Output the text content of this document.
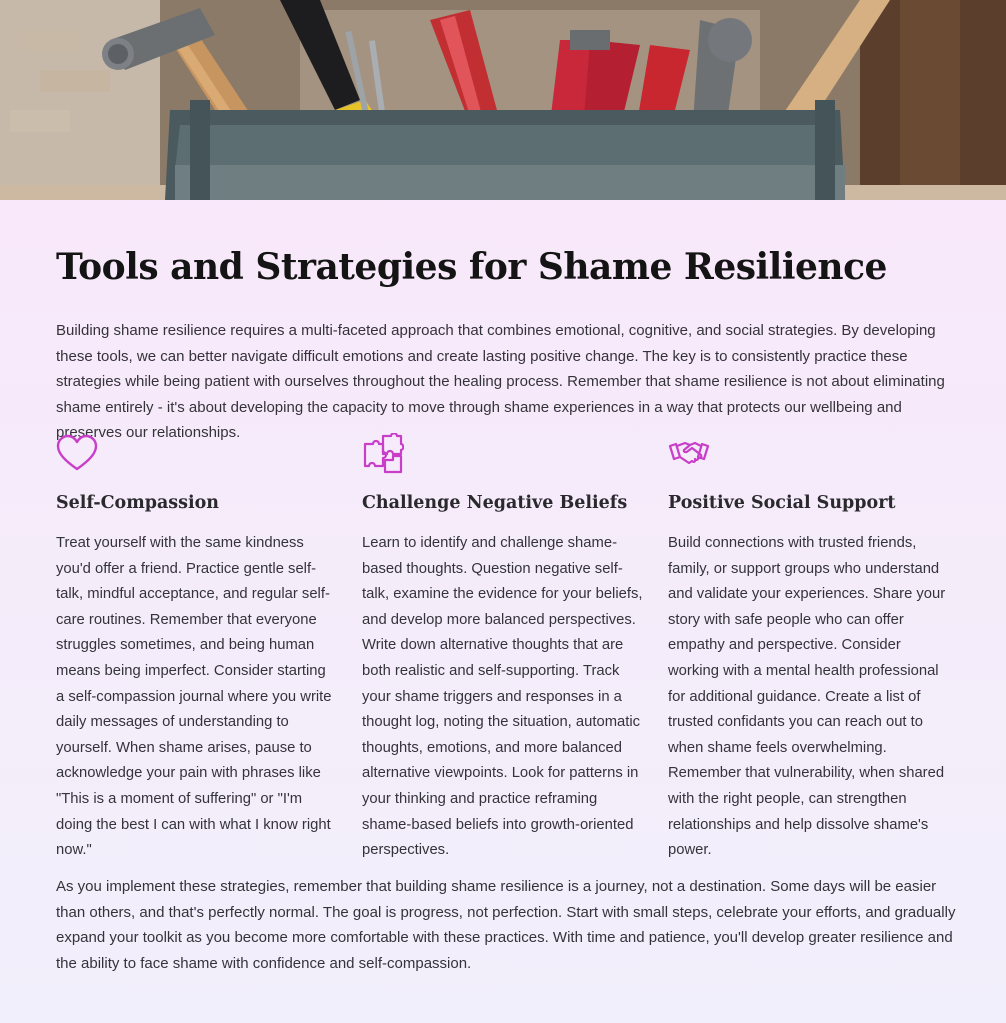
Tools and Strategies for Shame Resilience

Building shame resilience requires a multi-faceted approach that combines emotional, cognitive, and social strategies. By developing these tools, we can better navigate difficult emotions and create lasting positive change. The key is to consistently practice these strategies while being patient with ourselves throughout the healing process. Remember that shame resilience is not about eliminating shame entirely - it's about developing the capacity to move through shame experiences in a way that protects our wellbeing and preserves our relationships.

Self-Compassion

Treat yourself with the same kindness you'd offer a friend. Practice gentle self-talk, mindful acceptance, and regular self-care routines. Remember that everyone struggles sometimes, and being human means being imperfect. Consider starting a self-compassion journal where you write daily messages of understanding to yourself. When shame arises, pause to acknowledge your pain with phrases like "This is a moment of suffering" or "I'm doing the best I can with what I know right now."

Challenge Negative Beliefs

Learn to identify and challenge shame-based thoughts. Question negative self-talk, examine the evidence for your beliefs, and develop more balanced perspectives. Write down alternative thoughts that are both realistic and self-supporting. Track your shame triggers and responses in a thought log, noting the situation, automatic thoughts, emotions, and more balanced alternative viewpoints. Look for patterns in your thinking and practice reframing shame-based beliefs into growth-oriented perspectives.

Positive Social Support

Build connections with trusted friends, family, or support groups who understand and validate your experiences. Share your story with safe people who can offer empathy and perspective. Consider working with a mental health professional for additional guidance. Create a list of trusted confidants you can reach out to when shame feels overwhelming. Remember that vulnerability, when shared with the right people, can strengthen relationships and help dissolve shame's power.

As you implement these strategies, remember that building shame resilience is a journey, not a destination. Some days will be easier than others, and that's perfectly normal. The goal is progress, not perfection. Start with small steps, celebrate your efforts, and gradually expand your toolkit as you become more comfortable with these practices. With time and patience, you'll develop greater resilience and the ability to face shame with confidence and self-compassion.
